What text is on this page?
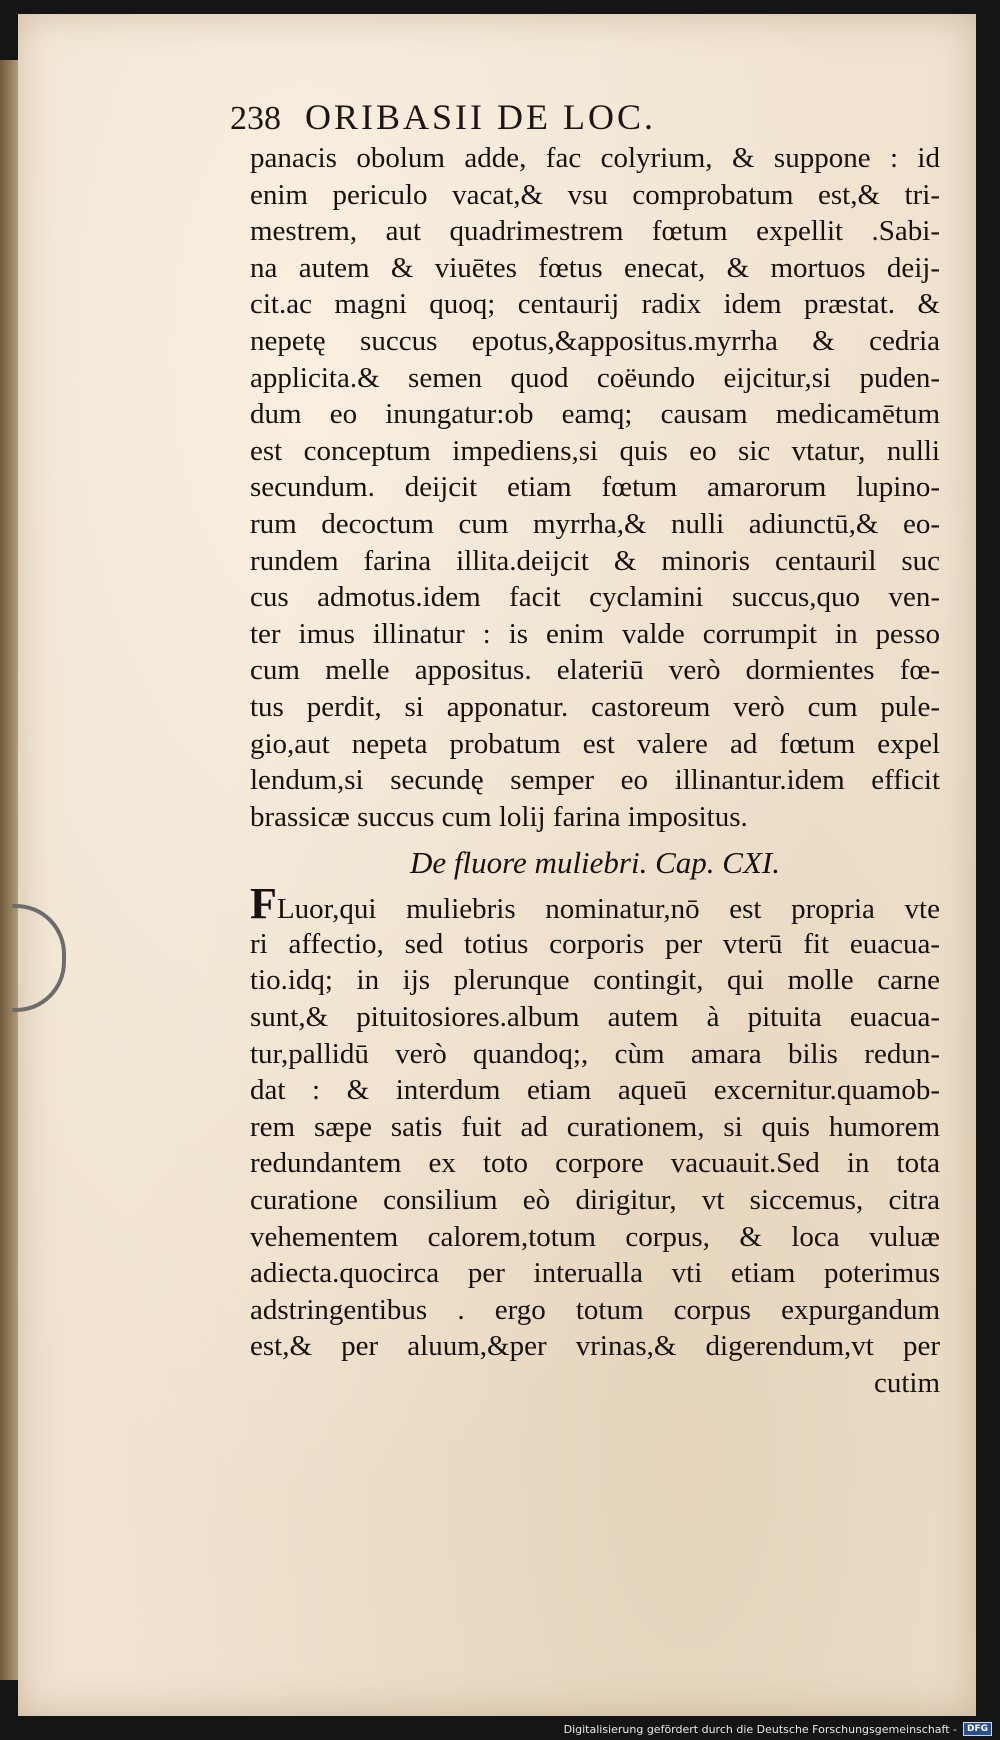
238 ORIBASII DE LOC.
panacis obolum adde, fac colyrium, & suppone : id
enim periculo vacat,& vsu comprobatum est,& tri-
mestrem, aut quadrimestrem fœtum expellit .Sabi-
na autem & viuētes fœtus enecat, & mortuos deij-
cit.ac magni quoq; centaurij radix idem præstat. &
nepetę succus epotus,&appositus.myrrha & cedria
applicita.& semen quod coëundo eijcitur,si puden-
dum eo inungatur:ob eamq; causam medicamētum
est conceptum impediens,si quis eo sic vtatur, nulli
secundum. deijcit etiam fœtum amarorum lupino-
rum decoctum cum myrrha,& nulli adiunctū,& eo-
rundem farina illita.deijcit & minoris centauril suc
cus admotus.idem facit cyclamini succus,quo ven-
ter imus illinatur : is enim valde corrumpit in pesso
cum melle appositus. elateriū verò dormientes fœ-
tus perdit, si apponatur. castoreum verò cum pule-
gio,aut nepeta probatum est valere ad fœtum expel
lendum,si secundę semper eo illinantur.idem efficit
brassicæ succus cum lolij farina impositus.
De fluore muliebri. Cap. CXI.
FLuor,qui muliebris nominatur,nō est propria vte
ri affectio, sed totius corporis per vterū fit euacua-
tio.idq; in ijs plerunque contingit, qui molle carne
sunt,& pituitosiores.album autem à pituita euacua-
tur,pallidū verò quandoq;, cùm amara bilis redun-
dat : & interdum etiam aqueū excernitur.quamob-
rem sæpe satis fuit ad curationem, si quis humorem
redundantem ex toto corpore vacuauit.Sed in tota
curatione consilium eò dirigitur, vt siccemus, citra
vehementem calorem,totum corpus, & loca vuluæ
adiecta.quocirca per interualla vti etiam poterimus
adstringentibus . ergo totum corpus expurgandum
est,& per aluum,&per vrinas,& digerendum,vt per
cutim
Digitalisierung gefördert durch die Deutsche Forschungsgemeinschaft -	DFG
